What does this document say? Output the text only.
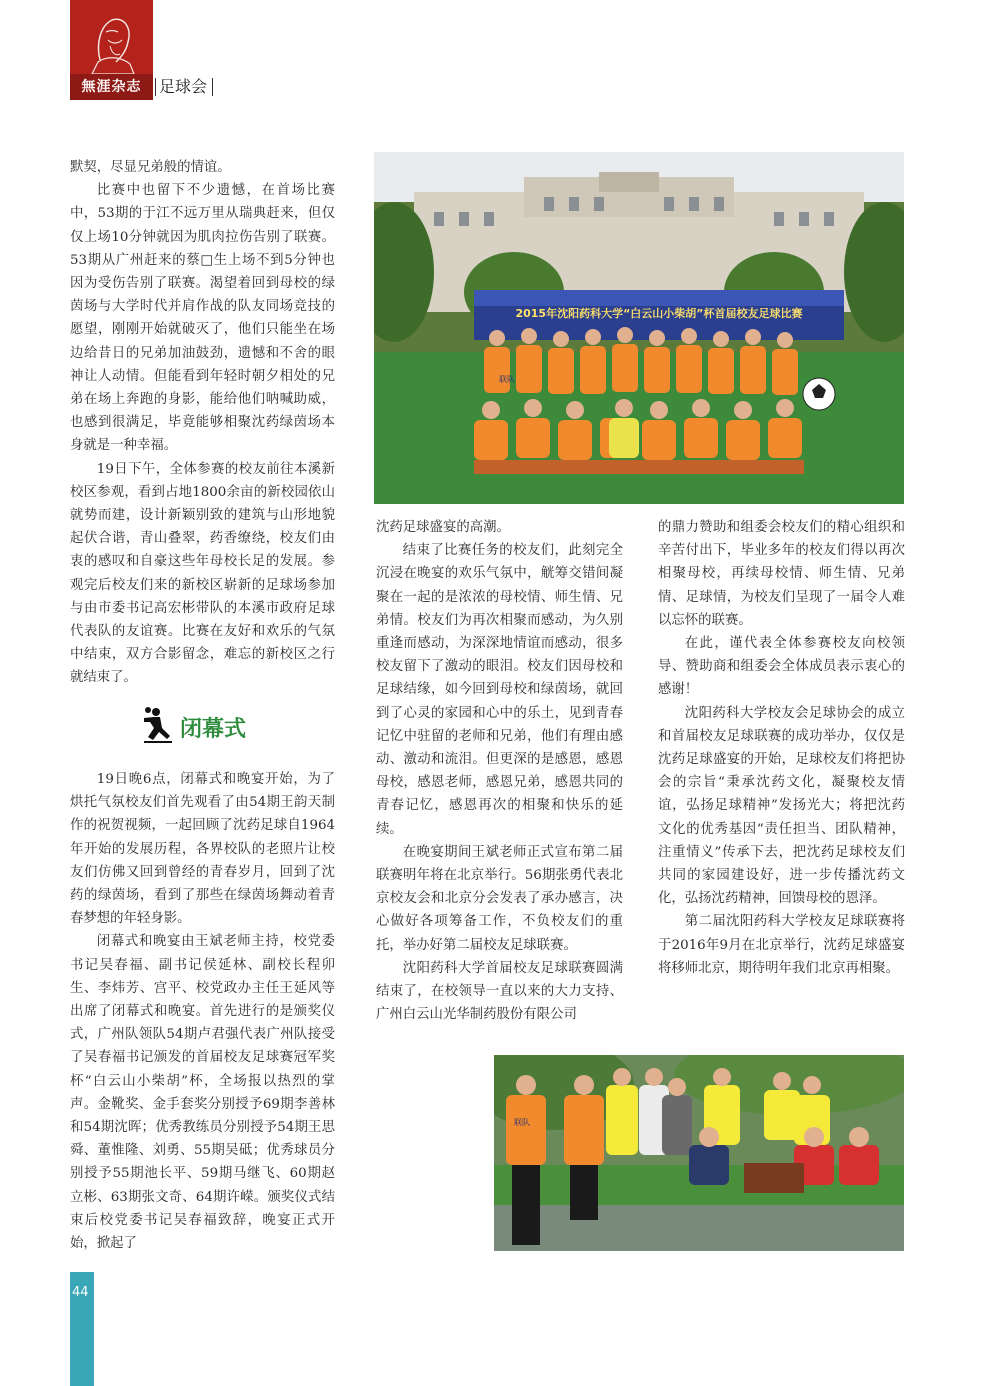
無涯杂志	足球会

默契，尽显兄弟般的情谊。

比赛中也留下不少遗憾，在首场比赛中，53期的于江不远万里从瑞典赶来，但仅仅上场10分钟就因为肌肉拉伤告别了联赛。53期从广州赶来的蔡□生上场不到5分钟也因为受伤告别了联赛。渴望着回到母校的绿茵场与大学时代并肩作战的队友同场竞技的愿望，刚刚开始就破灭了，他们只能坐在场边给昔日的兄弟加油鼓劲，遗憾和不舍的眼神让人动情。但能看到年轻时朝夕相处的兄弟在场上奔跑的身影，能给他们呐喊助威，也感到很满足，毕竟能够相聚沈药绿茵场本身就是一种幸福。

19日下午，全体参赛的校友前往本溪新校区参观，看到占地1800余亩的新校园依山就势而建，设计新颖别致的建筑与山形地貌起伏合谐，青山叠翠，药香缭绕，校友们由衷的感叹和自豪这些年母校长足的发展。参观完后校友们来的新校区崭新的足球场参加与由市委书记高宏彬带队的本溪市政府足球代表队的友谊赛。比赛在友好和欢乐的气氛中结束，双方合影留念，难忘的新校区之行就结束了。

闭幕式

19日晚6点，闭幕式和晚宴开始，为了烘托气氛校友们首先观看了由54期王韵天制作的祝贺视频，一起回顾了沈药足球自1964年开始的发展历程，各界校队的老照片让校友们仿佛又回到曾经的青春岁月，回到了沈药的绿茵场，看到了那些在绿茵场舞动着青春梦想的年轻身影。

闭幕式和晚宴由王斌老师主持，校党委书记吴春福、副书记侯延林、副校长程卯生、李炜芳、宫平、校党政办主任王延风等出席了闭幕式和晚宴。首先进行的是颁奖仪式，广州队领队54期卢君强代表广州队接受了吴春福书记颁发的首届校友足球赛冠军奖杯“白云山小柴胡”杯，全场报以热烈的掌声。金靴奖、金手套奖分别授予69期李善林和54期沈晖；优秀教练员分别授予54期王思舜、董惟隆、刘勇、55期吴砥；优秀球员分别授予55期池长平、59期马继飞、60期赵立彬、63期张文奇、64期许嵘。颁奖仪式结束后校党委书记吴春福致辞，晚宴正式开始，掀起了

沈药足球盛宴的高潮。

结束了比赛任务的校友们，此刻完全沉浸在晚宴的欢乐气氛中，觥筹交错间凝聚在一起的是浓浓的母校情、师生情、兄弟情。校友们为再次相聚而感动，为久别重逢而感动，为深深地情谊而感动，很多校友留下了激动的眼泪。校友们因母校和足球结缘，如今回到母校和绿茵场，就回到了心灵的家园和心中的乐土，见到青春记忆中驻留的老师和兄弟，他们有理由感动、激动和流泪。但更深的是感恩，感恩母校，感恩老师，感恩兄弟，感恩共同的青春记忆，感恩再次的相聚和快乐的延续。

在晚宴期间王斌老师正式宣布第二届联赛明年将在北京举行。56期张勇代表北京校友会和北京分会发表了承办感言，决心做好各项筹备工作，不负校友们的重托，举办好第二届校友足球联赛。

沈阳药科大学首届校友足球联赛圆满结束了，在校领导一直以来的大力支持、广州白云山光华制药股份有限公司

的鼎力赞助和组委会校友们的精心组织和辛苦付出下，毕业多年的校友们得以再次相聚母校，再续母校情、师生情、兄弟情、足球情，为校友们呈现了一届令人难以忘怀的联赛。

在此，谨代表全体参赛校友向校领导、赞助商和组委会全体成员表示衷心的感谢！

沈阳药科大学校友会足球协会的成立和首届校友足球联赛的成功举办，仅仅是沈药足球盛宴的开始，足球校友们将把协会的宗旨“秉承沈药文化，凝聚校友情谊，弘扬足球精神”发扬光大；将把沈药文化的优秀基因“责任担当、团队精神，注重情义”传承下去，把沈药足球校友们共同的家园建设好，进一步传播沈药文化，弘扬沈药精神，回馈母校的恩泽。

第二届沈阳药科大学校友足球联赛将于2016年9月在北京举行，沈药足球盛宴将移师北京，期待明年我们北京再相聚。

2015年沈阳药科大学“白云山小柴胡”杯首届校友足球比赛
联队
联队
44
